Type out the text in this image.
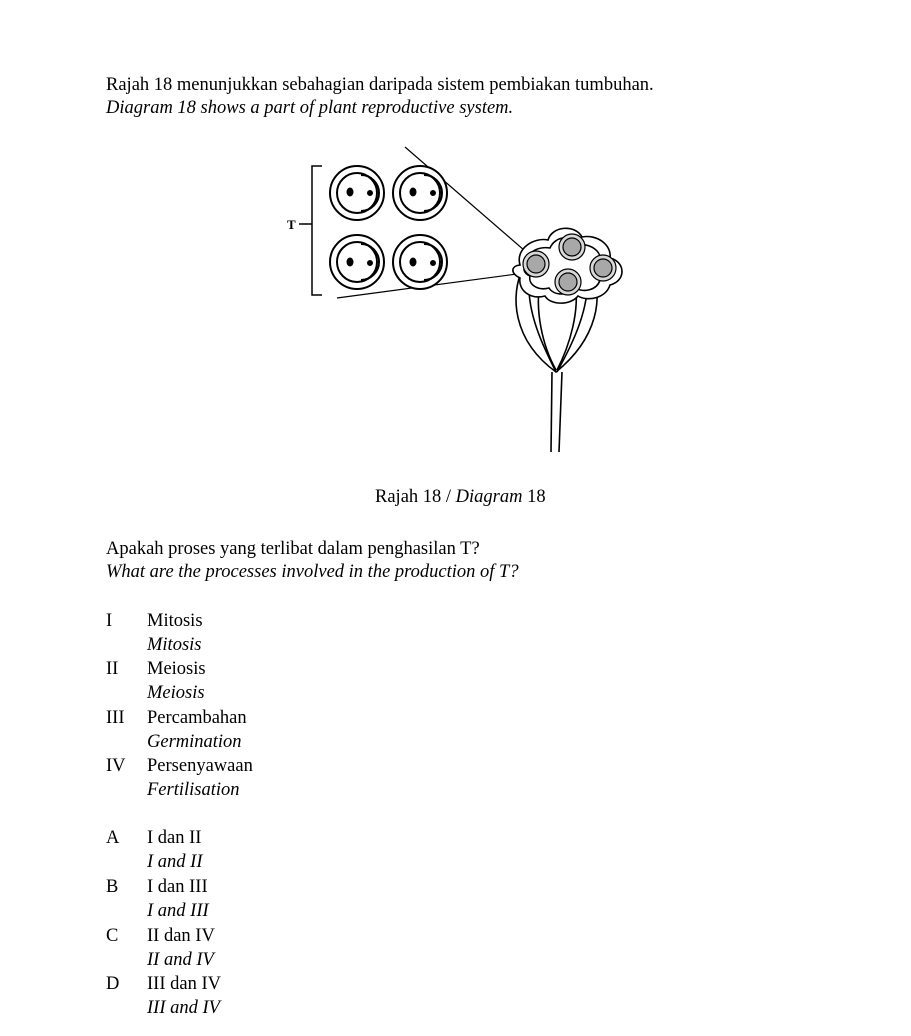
Rajah 18 menunjukkan sebahagian daripada sistem pembiakan tumbuhan.
Diagram 18 shows a part of plant reproductive system.
T
Rajah 18 / Diagram 18
Apakah proses yang terlibat dalam penghasilan T?
What are the processes involved in the production of T?
I Mitosis
Mitosis
II Meiosis
Meiosis
III Percambahan
Germination
IV Persenyawaan
Fertilisation
A I dan II
I and II
B I dan III
I and III
C II dan IV
II and IV
D III dan IV
III and IV
